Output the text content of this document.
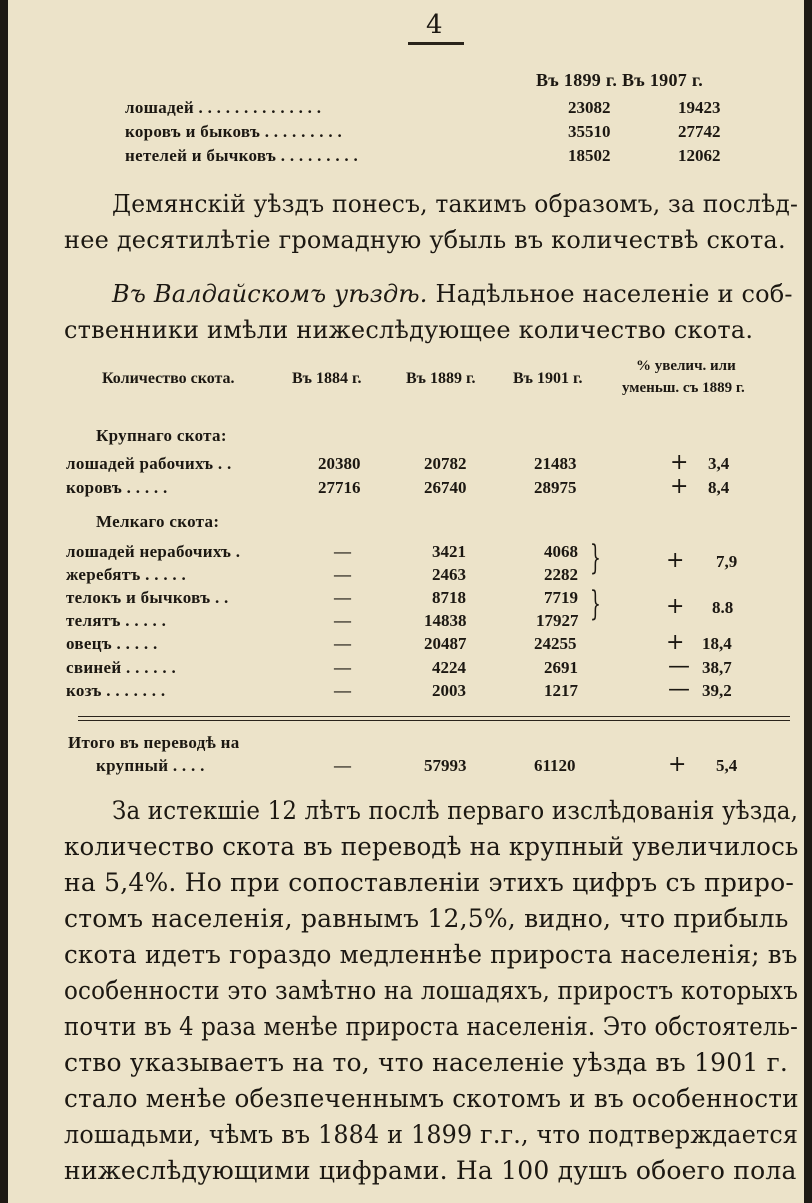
4
Въ 1899 г. Въ 1907 г.
лошадей . . . . . . . . . . . . . .	23082	19423
коровъ и быковъ . . . . . . . . .	35510	27742
нетелей и бычковъ . . . . . . . . .	18502	12062
Демянскій уѣздъ понесъ, такимъ образомъ, за послѣд-
нее десятилѣтіе громадную убыль въ количествѣ скота.
Въ Валдайскомъ уѣздѣ. Надѣльное населеніе и соб-
ственники имѣли нижеслѣдующее количество скота.
Количество скота.	Въ 1884 г.	Въ 1889 г. Въ 1901 г.
% увелич. или
уменьш. съ 1889 г.
Крупнаго скота:
Мелкаго скота:
лошадей рабочихъ . .	20380	20782	21483	+ 3,4
коровъ . . . . .	27716	26740	28975	+ 8,4
лошадей нерабочихъ .	—	3421	4068
жеребятъ . . . . .	—	2463	2282 }	+ 7,9
телокъ и бычковъ . .	—	8718	7719
телятъ . . . . .	—	14838	17927 }	+ 8.8
овецъ . . . . .	—	20487	24255	+ 18,4
свиней . . . . . .	—	4224	2691	— 38,7
козъ . . . . . . .	—	2003	1217	— 39,2
Итого въ переводѣ на
крупный . . . .	—	57993	61120	+ 5,4
За истекшіе 12 лѣтъ послѣ перваго изслѣдованія уѣзда,
количество скота въ переводѣ на крупный увеличилось
на 5,4%. Но при сопоставленіи этихъ цифръ съ приро-
стомъ населенія, равнымъ 12,5%, видно, что прибыль
скота идетъ гораздо медленнѣе прироста населенія; въ
особенности это замѣтно на лошадяхъ, приростъ которыхъ
почти въ 4 раза менѣе прироста населенія. Это обстоятель-
ство указываетъ на то, что населеніе уѣзда въ 1901 г.
стало менѣе обезпеченнымъ скотомъ и въ особенности
лошадьми, чѣмъ въ 1884 и 1899 г.г., что подтверждается
нижеслѣдующими цифрами. На 100 душъ обоего пола
